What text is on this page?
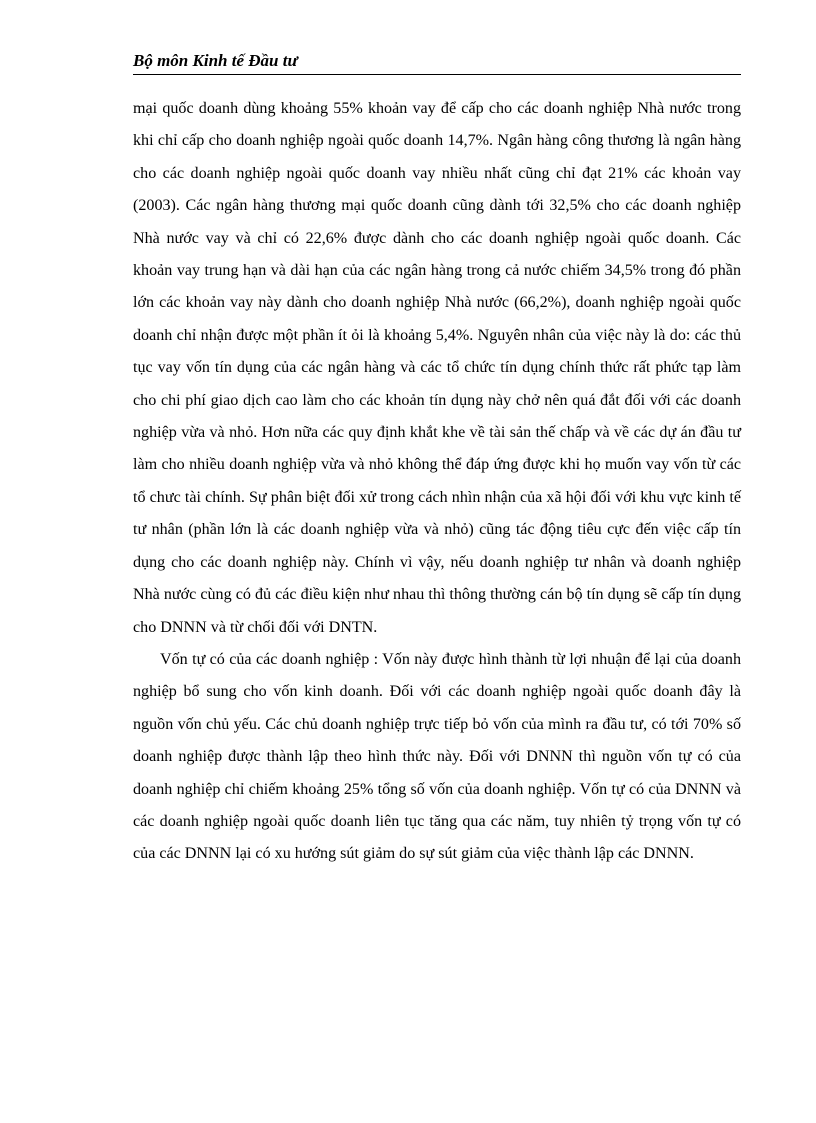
Bộ môn Kinh tế Đầu tư

mại quốc doanh dùng khoảng 55% khoản vay để cấp cho các doanh nghiệp Nhà nước trong khi chỉ cấp cho doanh nghiệp ngoài quốc doanh 14,7%. Ngân hàng công thương là ngân hàng cho các doanh nghiệp ngoài quốc doanh vay nhiều nhất cũng chỉ đạt 21% các khoản vay (2003). Các ngân hàng thương mại quốc doanh cũng dành tới 32,5% cho các doanh nghiệp Nhà nước vay và chỉ có 22,6% được dành cho các doanh nghiệp ngoài quốc doanh. Các khoản vay trung hạn và dài hạn của các ngân hàng trong cả nước chiếm 34,5% trong đó phần lớn các khoản vay này dành cho doanh nghiệp Nhà nước (66,2%), doanh nghiệp ngoài quốc doanh chỉ nhận được một phần ít ỏi là khoảng 5,4%. Nguyên nhân của việc này là do: các thủ tục vay vốn tín dụng của các ngân hàng và các tổ chức tín dụng chính thức rất phức tạp làm cho chi phí giao dịch cao làm cho các khoản tín dụng này chở nên quá đắt đối với các doanh nghiệp vừa và nhỏ. Hơn nữa các quy định khắt khe về tài sản thế chấp và về các dự án đầu tư làm cho nhiều doanh nghiệp vừa và nhỏ không thể đáp ứng được khi họ muốn vay vốn từ các tổ chưc tài chính. Sự phân biệt đối xử trong cách nhìn nhận của xã hội đối với khu vực kinh tế tư nhân (phần lớn là các doanh nghiệp vừa và nhỏ) cũng tác động tiêu cực đến việc cấp tín dụng cho các doanh nghiệp này. Chính vì vậy, nếu doanh nghiệp tư nhân và doanh nghiệp Nhà nước cùng có đủ các điều kiện như nhau thì thông thường cán bộ tín dụng sẽ cấp tín dụng cho DNNN và từ chối đối với DNTN.

Vốn tự có của các doanh nghiệp : Vốn này được hình thành từ lợi nhuận để lại của doanh nghiệp bổ sung cho vốn kinh doanh. Đối với các doanh nghiệp ngoài quốc doanh đây là nguồn vốn chủ yếu. Các chủ doanh nghiệp trực tiếp bỏ vốn của mình ra đầu tư, có tới 70% số doanh nghiệp được thành lập theo hình thức này. Đối với DNNN thì nguồn vốn tự có của doanh nghiệp chỉ chiếm khoảng 25% tổng số vốn của doanh nghiệp. Vốn tự có của DNNN và các doanh nghiệp ngoài quốc doanh liên tục tăng qua các năm, tuy nhiên tỷ trọng vốn tự có của các DNNN lại có xu hướng sút giảm do sự sút giảm của việc thành lập các DNNN.
